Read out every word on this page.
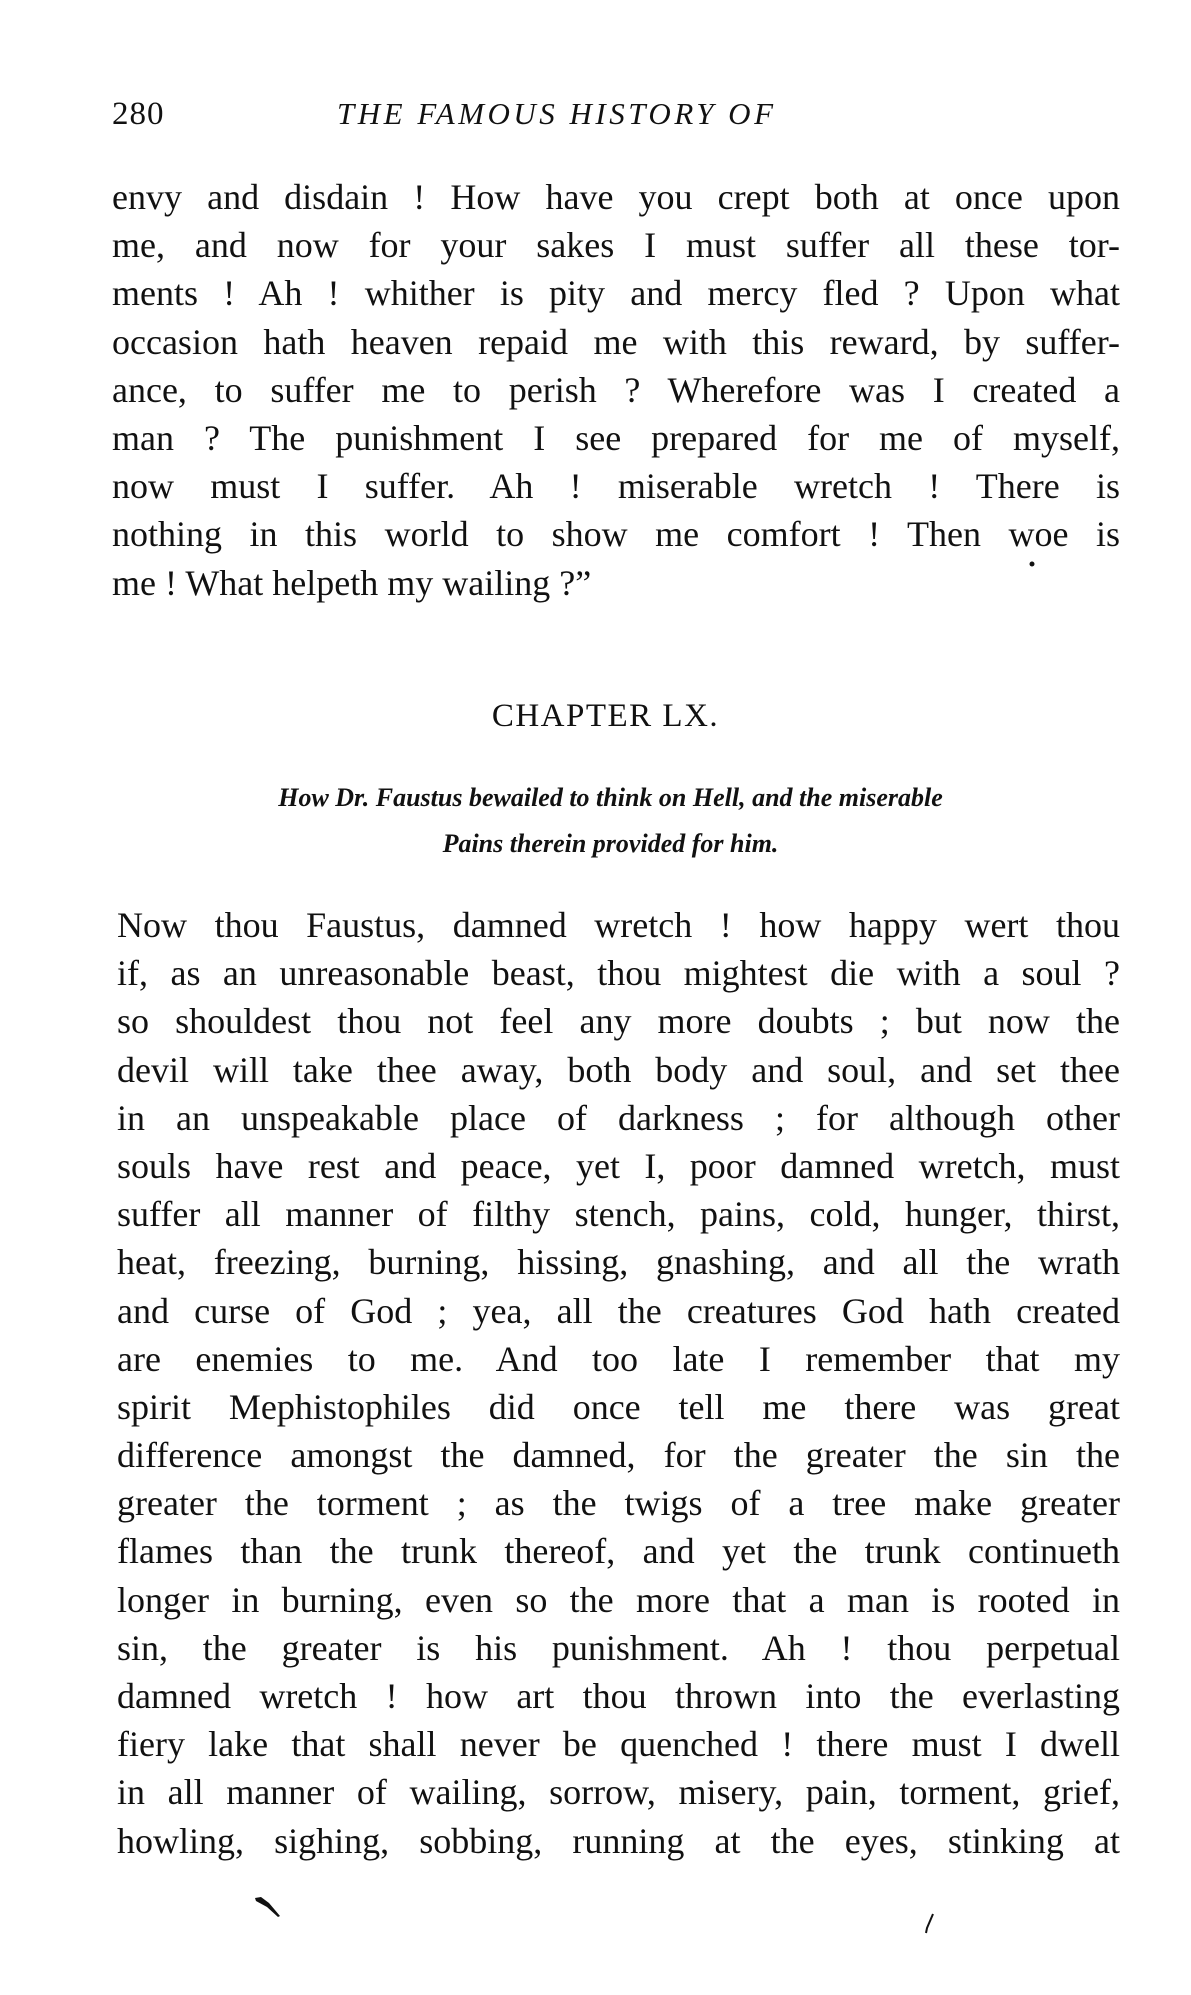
280	THE FAMOUS HISTORY OF
envy and disdain ! How have you crept both at once upon
me, and now for your sakes I must suffer all these tor-
ments ! Ah ! whither is pity and mercy fled ? Upon what
occasion hath heaven repaid me with this reward, by suffer-
ance, to suffer me to perish ? Wherefore was I created a
man ? The punishment I see prepared for me of myself,
now must I suffer. Ah ! miserable wretch ! There is
nothing in this world to show me comfort ! Then woe is
me ! What helpeth my wailing ?”
CHAPTER LX.
How Dr. Faustus bewailed to think on Hell, and the miserable
Pains therein provided for him.
Now thou Faustus, damned wretch ! how happy wert thou
if, as an unreasonable beast, thou mightest die with a soul ?
so shouldest thou not feel any more doubts ; but now the
devil will take thee away, both body and soul, and set thee
in an unspeakable place of darkness ; for although other
souls have rest and peace, yet I, poor damned wretch, must
suffer all manner of filthy stench, pains, cold, hunger, thirst,
heat, freezing, burning, hissing, gnashing, and all the wrath
and curse of God ; yea, all the creatures God hath created
are enemies to me. And too late I remember that my
spirit Mephistophiles did once tell me there was great
difference amongst the damned, for the greater the sin the
greater the torment ; as the twigs of a tree make greater
flames than the trunk thereof, and yet the trunk continueth
longer in burning, even so the more that a man is rooted in
sin, the greater is his punishment. Ah ! thou perpetual
damned wretch ! how art thou thrown into the everlasting
fiery lake that shall never be quenched ! there must I dwell
in all manner of wailing, sorrow, misery, pain, torment, grief,
howling, sighing, sobbing, running at the eyes, stinking at
